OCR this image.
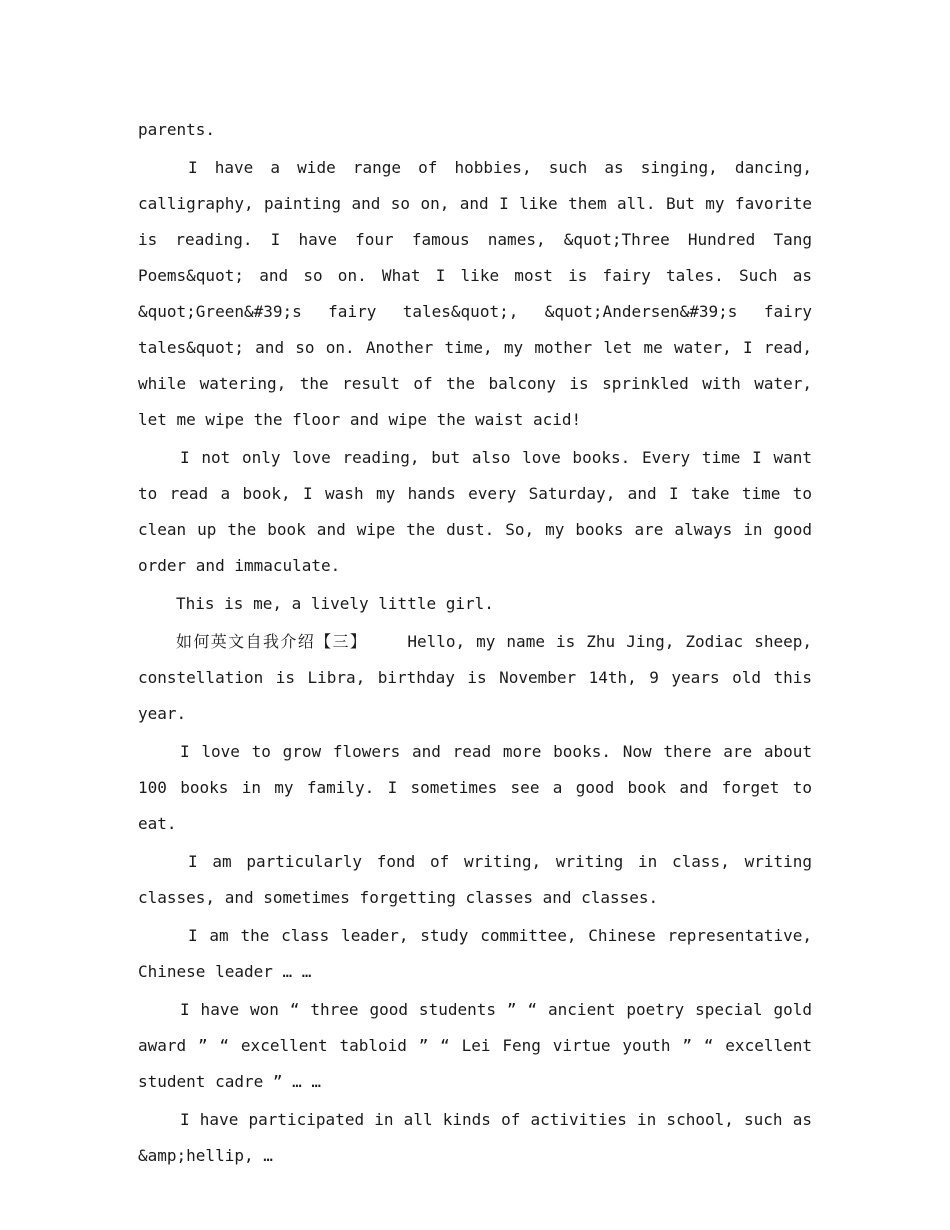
parents.

I have a wide range of hobbies, such as singing, dancing, calligraphy, painting and so on, and I like them all. But my favorite is reading. I have four famous names, &quot;Three Hundred Tang Poems&quot; and so on. What I like most is fairy tales. Such as &quot;Green&#39;s fairy tales&quot;, &quot;Andersen&#39;s fairy tales&quot; and so on. Another time, my mother let me water, I read, while watering, the result of the balcony is sprinkled with water, let me wipe the floor and wipe the waist acid!

I not only love reading, but also love books. Every time I want to read a book, I wash my hands every Saturday, and I take time to clean up the book and wipe the dust. So, my books are always in good order and immaculate.

This is me, a lively little girl.

如何英文自我介绍【三】	Hello, my name is Zhu Jing, Zodiac sheep, constellation is Libra, birthday is November 14th, 9 years old this year.

I love to grow flowers and read more books. Now there are about 100 books in my family. I sometimes see a good book and forget to eat.

I am particularly fond of writing, writing in class, writing classes, and sometimes forgetting classes and classes.

I am the class leader, study committee, Chinese representative, Chinese leader … …

I have won “ three good students ” “ ancient poetry special gold award ” “ excellent tabloid ” “ Lei Feng virtue youth ” “ excellent student cadre ” … …

I have participated in all kinds of activities in school, such as &amp;hellip, …
